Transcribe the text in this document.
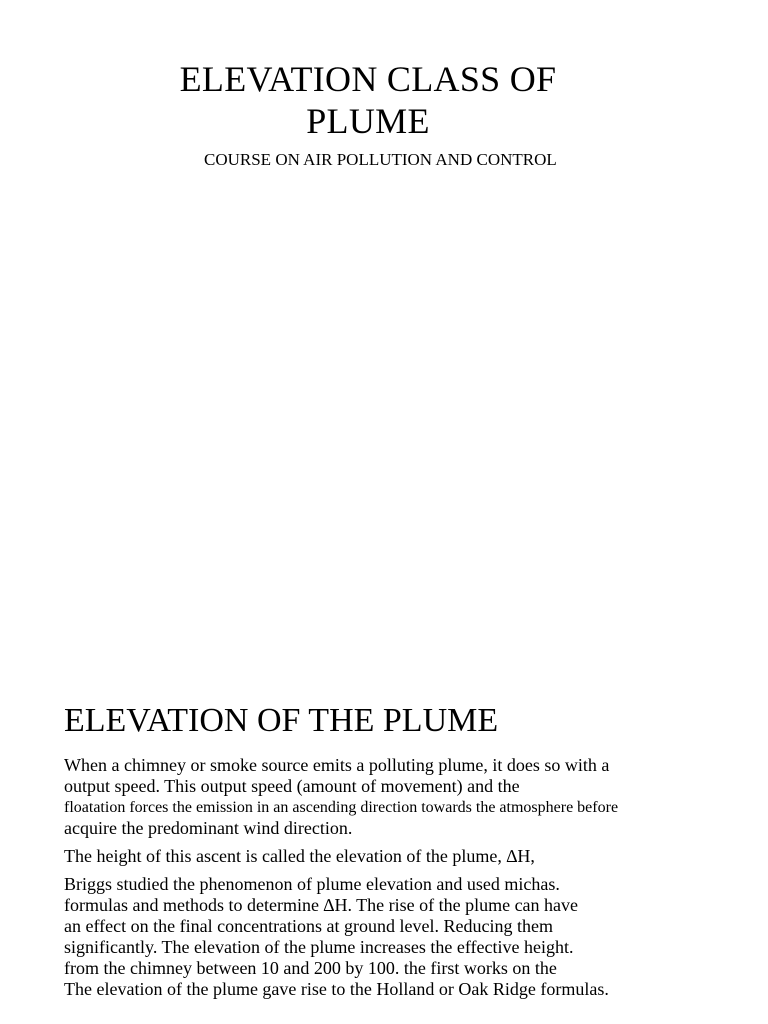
ELEVATION CLASS OF
PLUME
COURSE ON AIR POLLUTION AND CONTROL
ELEVATION OF THE PLUME

When a chimney or smoke source emits a polluting plume, it does so with a
output speed. This output speed (amount of movement) and the
floatation forces the emission in an ascending direction towards the atmosphere before
acquire the predominant wind direction.

The height of this ascent is called the elevation of the plume, ∆H,

Briggs studied the phenomenon of plume elevation and used michas.
formulas and methods to determine ∆H. The rise of the plume can have
an effect on the final concentrations at ground level. Reducing them
significantly. The elevation of the plume increases the effective height.
from the chimney between 10 and 200 by 100. the first works on the
The elevation of the plume gave rise to the Holland or Oak Ridge formulas.
